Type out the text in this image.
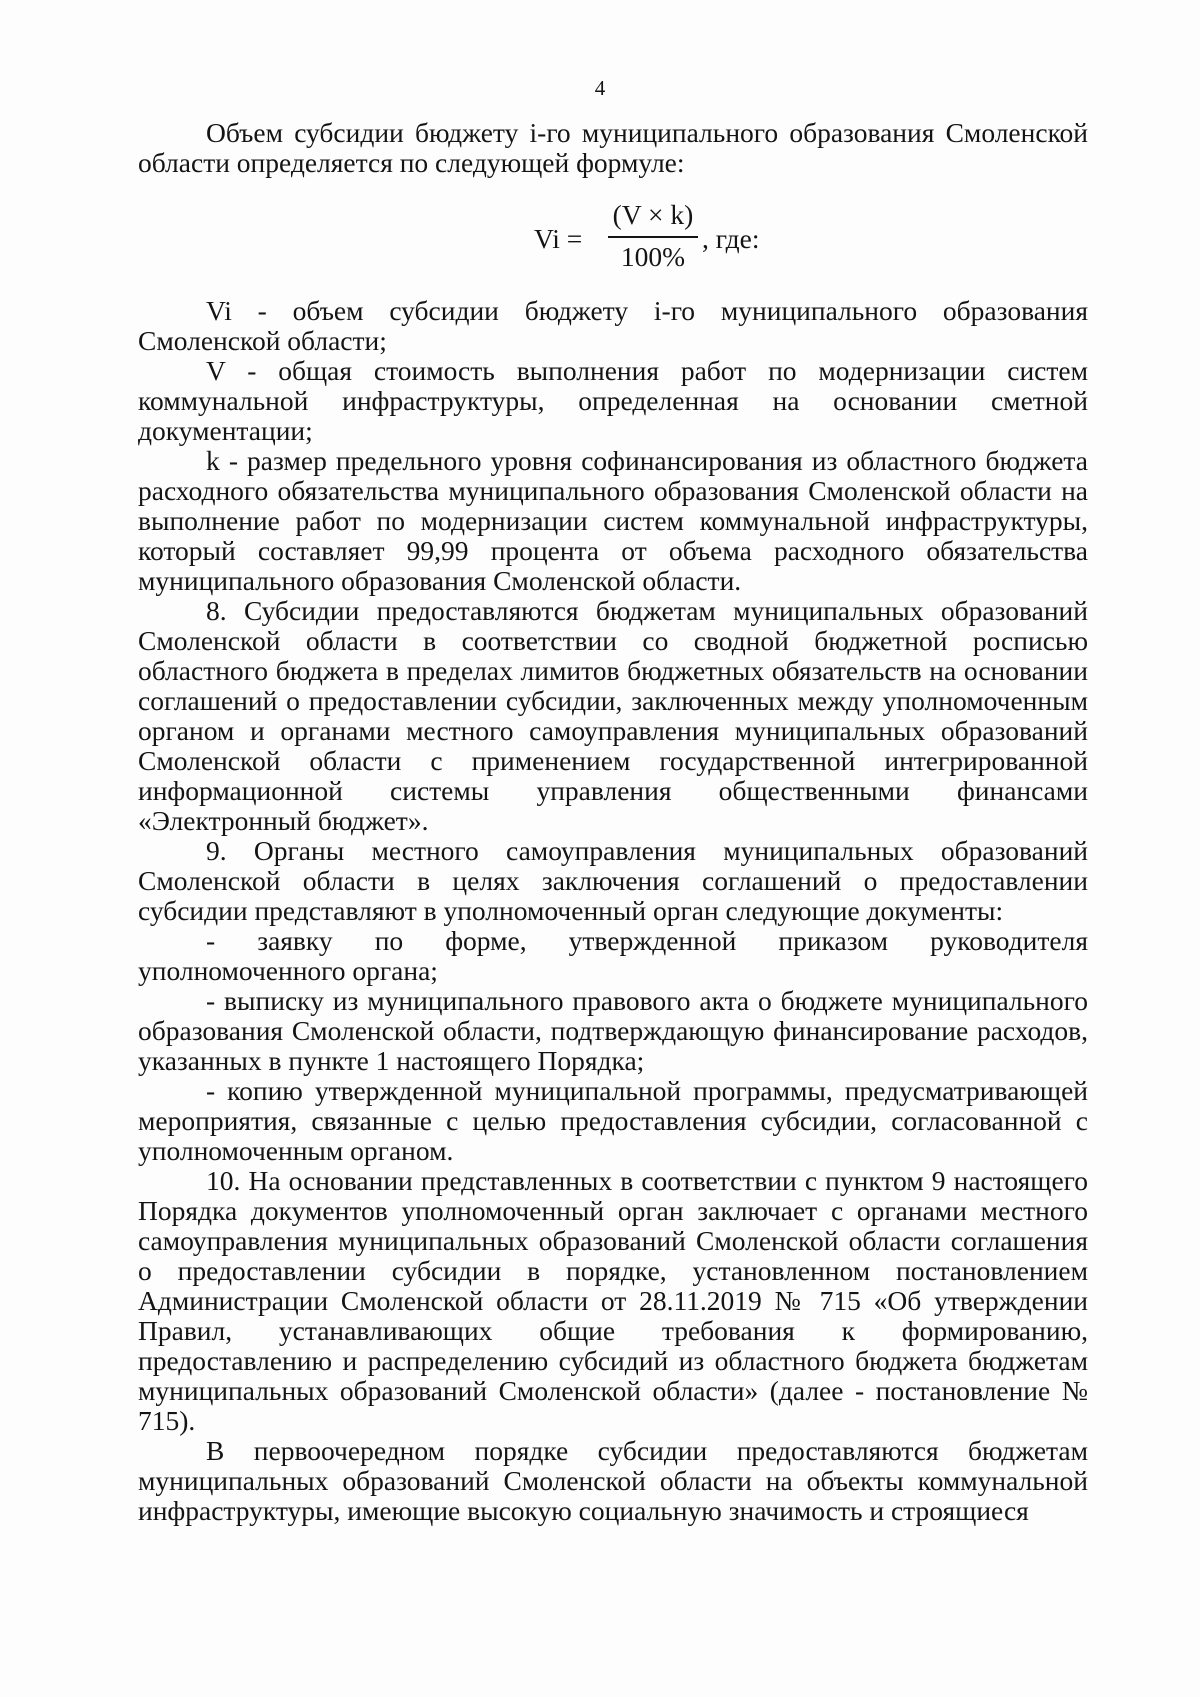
4

Объем субсидии бюджету i-го муниципального образования Смоленской области определяется по следующей формуле:

Vi =
(V × k)
100%
, где:

Vi - объем субсидии бюджету i-го муниципального образования Смоленской области;

V - общая стоимость выполнения работ по модернизации систем коммунальной инфраструктуры, определенная на основании сметной документации;

k - размер предельного уровня софинансирования из областного бюджета расходного обязательства муниципального образования Смоленской области на выполнение работ по модернизации систем коммунальной инфраструктуры, который составляет 99,99 процента от объема расходного обязательства муниципального образования Смоленской области.

8. Субсидии предоставляются бюджетам муниципальных образований Смоленской области в соответствии со сводной бюджетной росписью областного бюджета в пределах лимитов бюджетных обязательств на основании соглашений о предоставлении субсидии, заключенных между уполномоченным органом и органами местного самоуправления муниципальных образований Смоленской области с применением государственной интегрированной информационной системы управления общественными финансами «Электронный бюджет».

9. Органы местного самоуправления муниципальных образований Смоленской области в целях заключения соглашений о предоставлении субсидии представляют в уполномоченный орган следующие документы:

- заявку по форме, утвержденной приказом руководителя уполномоченного органа;

- выписку из муниципального правового акта о бюджете муниципального образования Смоленской области, подтверждающую финансирование расходов, указанных в пункте 1 настоящего Порядка;

- копию утвержденной муниципальной программы, предусматривающей мероприятия, связанные с целью предоставления субсидии, согласованной с уполномоченным органом.

10. На основании представленных в соответствии с пунктом 9 настоящего Порядка документов уполномоченный орган заключает с органами местного самоуправления муниципальных образований Смоленской области соглашения о предоставлении субсидии в порядке, установленном постановлением Администрации Смоленской области от 28.11.2019 № 715 «Об утверждении Правил, устанавливающих общие требования к формированию, предоставлению и распределению субсидий из областного бюджета бюджетам муниципальных образований Смоленской области» (далее - постановление № 715).

В первоочередном порядке субсидии предоставляются бюджетам муниципальных образований Смоленской области на объекты коммунальной инфраструктуры, имеющие высокую социальную значимость и строящиеся
